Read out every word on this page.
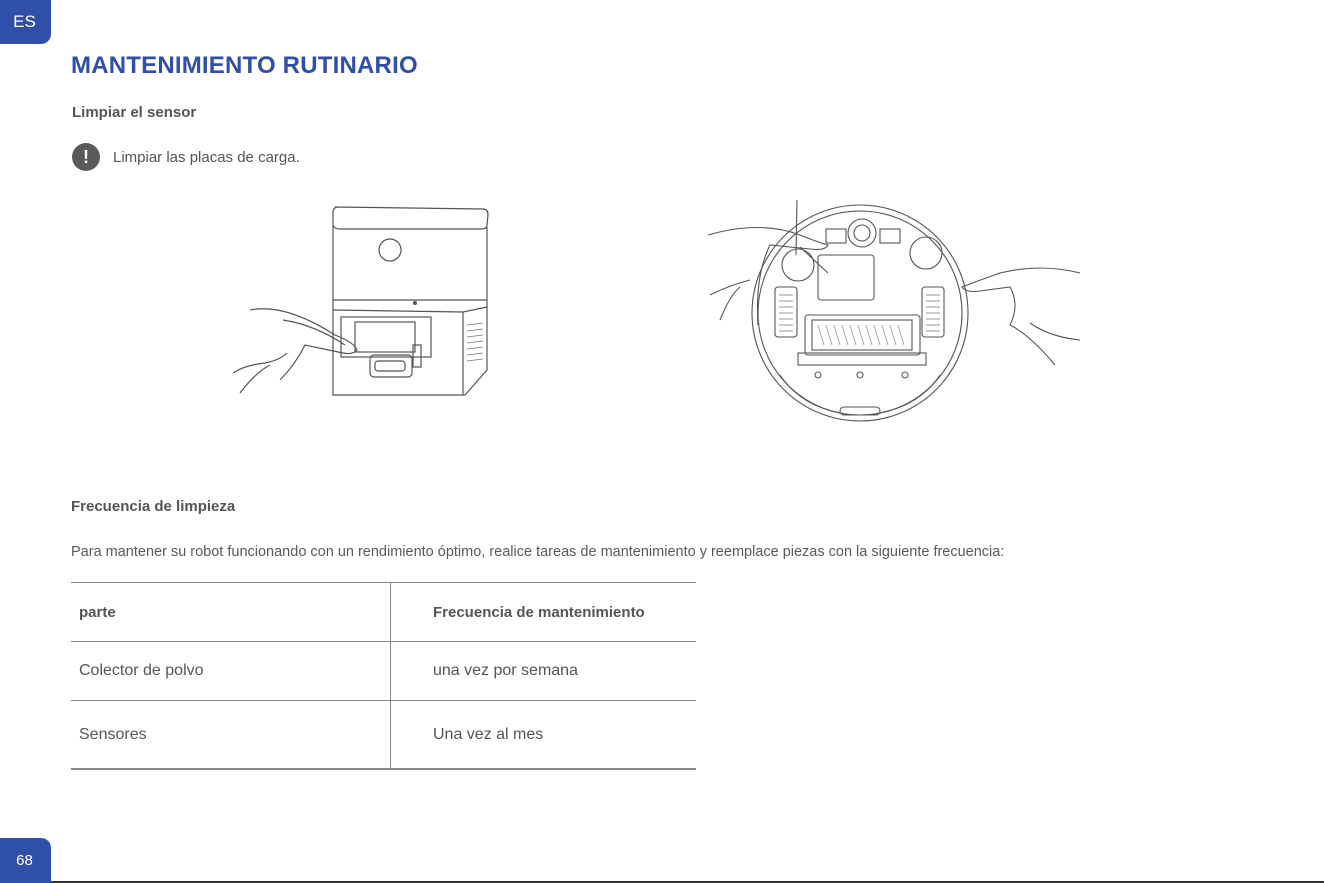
ES
MANTENIMIENTO RUTINARIO
Limpiar el sensor
!	Limpiar las placas de carga.
Frecuencia de limpieza

Para mantener su robot funcionando con un rendimiento óptimo, realice tareas de mantenimiento y reemplace piezas con la siguiente frecuencia:

parte	Frecuencia de mantenimiento
Colector de polvo	una vez por semana
Sensores	Una vez al mes
68
